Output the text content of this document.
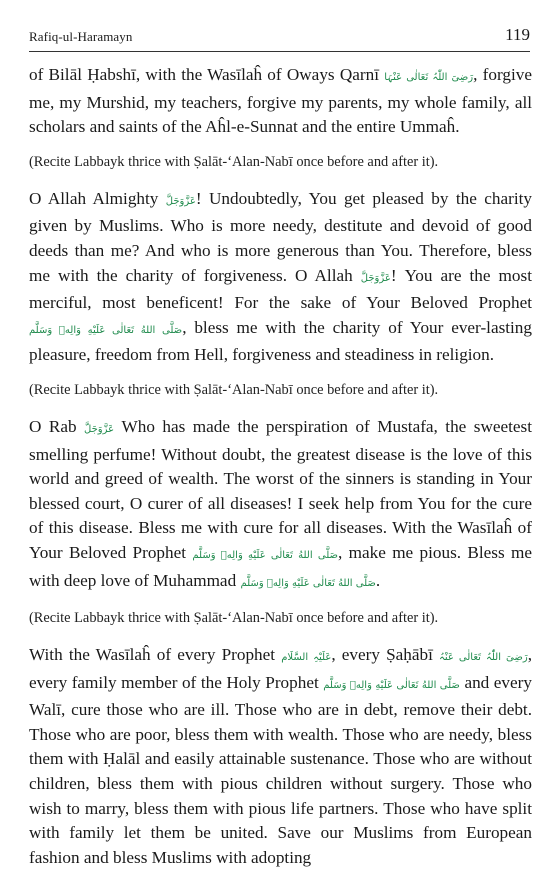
Rafiq-ul-Haramayn	119

of Bilāl Ḥabshī, with the Wasīlaĥ of Oways Qarnī رَضِیَ اللّٰہُ تَعَالٰی عَنْہَا, forgive me, my Murshid, my teachers, forgive my parents, my whole family, all scholars and saints of the Aĥl-e-Sunnat and the entire Ummaĥ.

(Recite Labbayk thrice with Ṣalāt-‘Alan-Nabī once before and after it).

O Allah Almighty عَزَّوَجَلَّ! Undoubtedly, You get pleased by the charity given by Muslims. Who is more needy, destitute and devoid of good deeds than me? And who is more generous than You. Therefore, bless me with the charity of forgiveness. O Allah عَزَّوَجَلَّ! You are the most merciful, most beneficent! For the sake of Your Beloved Prophet صَلَّى اللهُ تَعَالٰى عَلَيْهِ وَالِهٖ وَسَلَّم, bless me with the charity of Your ever-lasting pleasure, freedom from Hell, forgiveness and steadiness in religion.

(Recite Labbayk thrice with Ṣalāt-‘Alan-Nabī once before and after it).

O Rab عَزَّوَجَلَّ Who has made the perspiration of Mustafa, the sweetest smelling perfume! Without doubt, the greatest disease is the love of this world and greed of wealth. The worst of the sinners is standing in Your blessed court, O curer of all diseases! I seek help from You for the cure of this disease. Bless me with cure for all diseases. With the Wasīlaĥ of Your Beloved Prophet صَلَّى اللهُ تَعَالٰى عَلَيْهِ وَالِهٖ وَسَلَّم, make me pious. Bless me with deep love of Muhammad صَلَّى اللهُ تَعَالٰى عَلَيْهِ وَالِهٖ وَسَلَّم.

(Recite Labbayk thrice with Ṣalāt-‘Alan-Nabī once before and after it).

With the Wasīlaĥ of every Prophet عَلَیْہِ السَّلَام, every Ṣaḥābī رَضِیَ اللّٰہُ تَعَالٰی عَنْہُ, every family member of the Holy Prophet صَلَّى اللهُ تَعَالٰى عَلَيْهِ وَالِهٖ وَسَلَّم and every Walī, cure those who are ill. Those who are in debt, remove their debt. Those who are poor, bless them with wealth. Those who are needy, bless them with Ḥalāl and easily attainable sustenance. Those who are without children, bless them with pious children without surgery. Those who wish to marry, bless them with pious life partners. Those who have split with family let them be united. Save our Muslims from European fashion and bless Muslims with adopting
